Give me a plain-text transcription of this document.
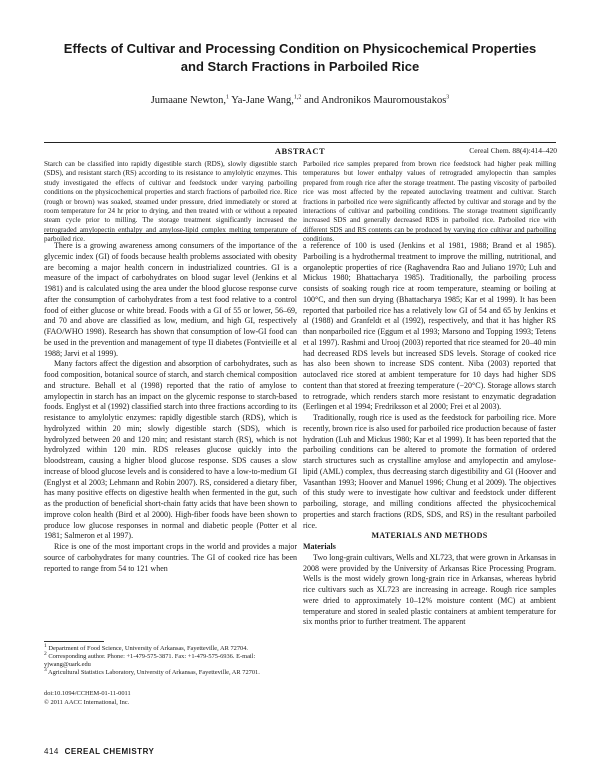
Effects of Cultivar and Processing Condition on Physicochemical Properties
and Starch Fractions in Parboiled Rice
Jumaane Newton,$^1$ Ya-Jane Wang,$^{1,2}$ and Andronikos Mauromoustakos$^3$
ABSTRACT	Cereal Chem. 88(4):414–420
Starch can be classified into rapidly digestible starch (RDS), slowly digestible starch (SDS), and resistant starch (RS) according to its resistance to amylolytic enzymes. This study investigated the effects of cultivar and feedstock under varying parboiling conditions on the physicochemical properties and starch fractions of parboiled rice. Rice (rough or brown) was soaked, steamed under pressure, dried immediately or stored at room temperature for 24 hr prior to drying, and then treated with or without a repeated steam cycle prior to milling. The storage treatment significantly increased the retrograded amylopectin enthalpy and amylose-lipid complex melting temperature of parboiled rice.
Parboiled rice samples prepared from brown rice feedstock had higher peak milling temperatures but lower enthalpy values of retrograded amylopectin than samples prepared from rough rice after the storage treatment. The pasting viscosity of parboiled rice was most affected by the repeated autoclaving treatment and cultivar. Starch fractions in parboiled rice were significantly affected by cultivar and storage and by the interactions of cultivar and parboiling conditions. The storage treatment significantly increased SDS and generally decreased RDS in parboiled rice. Parboiled rice with different SDS and RS contents can be produced by varying rice cultivar and parboiling conditions.

There is a growing awareness among consumers of the importance of the glycemic index (GI) of foods because health problems associated with obesity are becoming a major health concern in industrialized countries. GI is a measure of the impact of carbohydrates on blood sugar level (Jenkins et al 1981) and is calculated using the area under the blood glucose response curve after the consumption of carbohydrates from a test food relative to a control food of either glucose or white bread. Foods with a GI of 55 or lower, 56–69, and 70 and above are classified as low, medium, and high GI, respectively (FAO/WHO 1998). Research has shown that consumption of low-GI food can be used in the prevention and management of type II diabetes (Fontvieille et al 1988; Jarvi et al 1999).

Many factors affect the digestion and absorption of carbohydrates, such as food composition, botanical source of starch, and starch chemical composition and structure. Behall et al (1998) reported that the ratio of amylose to amylopectin in starch has an impact on the glycemic response to starch-based foods. Englyst et al (1992) classified starch into three fractions according to its resistance to amylolytic enzymes: rapidly digestible starch (RDS), which is hydrolyzed within 20 min; slowly digestible starch (SDS), which is hydrolyzed between 20 and 120 min; and resistant starch (RS), which is not hydrolyzed within 120 min. RDS releases glucose quickly into the bloodstream, causing a higher blood glucose response. SDS causes a slow increase of blood glucose levels and is considered to have a low-to-medium GI (Englyst et al 2003; Lehmann and Robin 2007). RS, considered a dietary fiber, has many positive effects on digestive health when fermented in the gut, such as the production of beneficial short-chain fatty acids that have been shown to improve colon health (Bird et al 2000). High-fiber foods have been shown to produce low glucose responses in normal and diabetic people (Potter et al 1981; Salmeron et al 1997).

Rice is one of the most important crops in the world and provides a major source of carbohydrates for many countries. The GI of cooked rice has been reported to range from 54 to 121 when

a reference of 100 is used (Jenkins et al 1981, 1988; Brand et al 1985). Parboiling is a hydrothermal treatment to improve the milling, nutritional, and organoleptic properties of rice (Raghavendra Rao and Juliano 1970; Luh and Mickus 1980; Bhattacharya 1985). Traditionally, the parboiling process consists of soaking rough rice at room temperature, steaming or boiling at 100°C, and then sun drying (Bhattacharya 1985; Kar et al 1999). It has been reported that parboiled rice has a relatively low GI of 54 and 65 by Jenkins et al (1988) and Granfeldt et al (1992), respectively, and that it has higher RS than nonparboiled rice (Eggum et al 1993; Marsono and Topping 1993; Tetens et al 1997). Rashmi and Urooj (2003) reported that rice steamed for 20–40 min had decreased RDS levels but increased SDS levels. Storage of cooked rice has also been shown to increase SDS content. Niba (2003) reported that autoclaved rice stored at ambient temperature for 10 days had higher SDS content than that stored at freezing temperature (−20°C). Storage allows starch to retrograde, which renders starch more resistant to enzymatic degradation (Eerlingen et al 1994; Fredriksson et al 2000; Frei et al 2003).

Traditionally, rough rice is used as the feedstock for parboiling rice. More recently, brown rice is also used for parboiled rice production because of faster hydration (Luh and Mickus 1980; Kar et al 1999). It has been reported that the parboiling conditions can be altered to promote the formation of ordered starch structures such as crystalline amylose and amylopectin and amylose-lipid (AML) complex, thus decreasing starch digestibility and GI (Hoover and Vasanthan 1993; Hoover and Manuel 1996; Chung et al 2009). The objectives of this study were to investigate how cultivar and feedstock under different parboiling, storage, and milling conditions affected the physicochemical properties and starch fractions (RDS, SDS, and RS) in the resultant parboiled rice.

MATERIALS AND METHODS

Materials

Two long-grain cultivars, Wells and XL723, that were grown in Arkansas in 2008 were provided by the University of Arkansas Rice Processing Program. Wells is the most widely grown long-grain rice in Arkansas, whereas hybrid rice cultivars such as XL723 are increasing in acreage. Rough rice samples were dried to approximately 10–12% moisture content (MC) at ambient temperature and stored in sealed plastic containers at ambient temperature for six months prior to further treatment. The apparent

$^1$ Department of Food Science, University of Arkansas, Fayetteville, AR 72704.

$^2$ Corresponding author. Phone: +1-479-575-3871. Fax: +1-479-575-6936. E-mail: yjwang@uark.edu

$^3$ Agricultural Statistics Laboratory, University of Arkansas, Fayetteville, AR 72701.

doi:10.1094/CCHEM-01-11-0011
© 2011 AACC International, Inc.
414 CEREAL CHEMISTRY
